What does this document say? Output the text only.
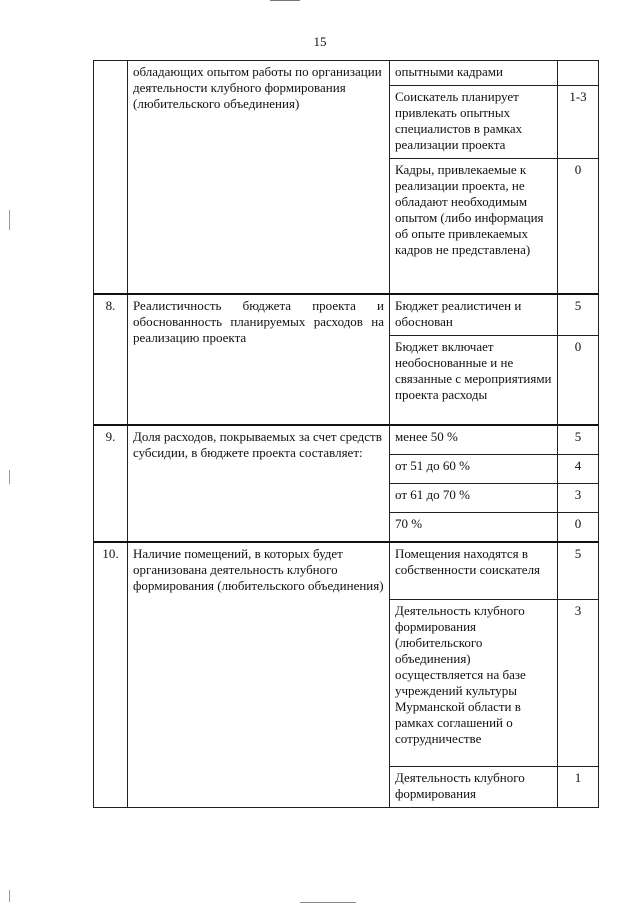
15
	обладающих опытом работы по организации деятельности клубного формирования (любительского объединения)	опытными кадрами	
		Соискатель планирует привлекать опытных специалистов в рамках реализации проекта	1-3
		Кадры, привлекаемые к реализации проекта, не обладают необходимым опытом (либо информация об опыте привлекаемых кадров не представлена)	0
8.	Реалистичность бюджета проекта и обоснованность планируемых расходов на реализацию проекта	Бюджет реалистичен и обоснован	5
		Бюджет включает необоснованные и не связанные с мероприятиями проекта расходы	0
9.	Доля расходов, покрываемых за счет средств субсидии, в бюджете проекта составляет:	менее 50 %	5
		от 51 до 60 %	4
		от 61 до 70 %	3
		70 %	0
10.	Наличие помещений, в которых будет организована деятельность клубного формирования (любительского объединения)	Помещения находятся в собственности соискателя	5
		Деятельность клубного формирования (любительского объединения) осуществляется на базе учреждений культуры Мурманской области в рамках соглашений о сотрудничестве	3
		Деятельность клубного формирования	1
